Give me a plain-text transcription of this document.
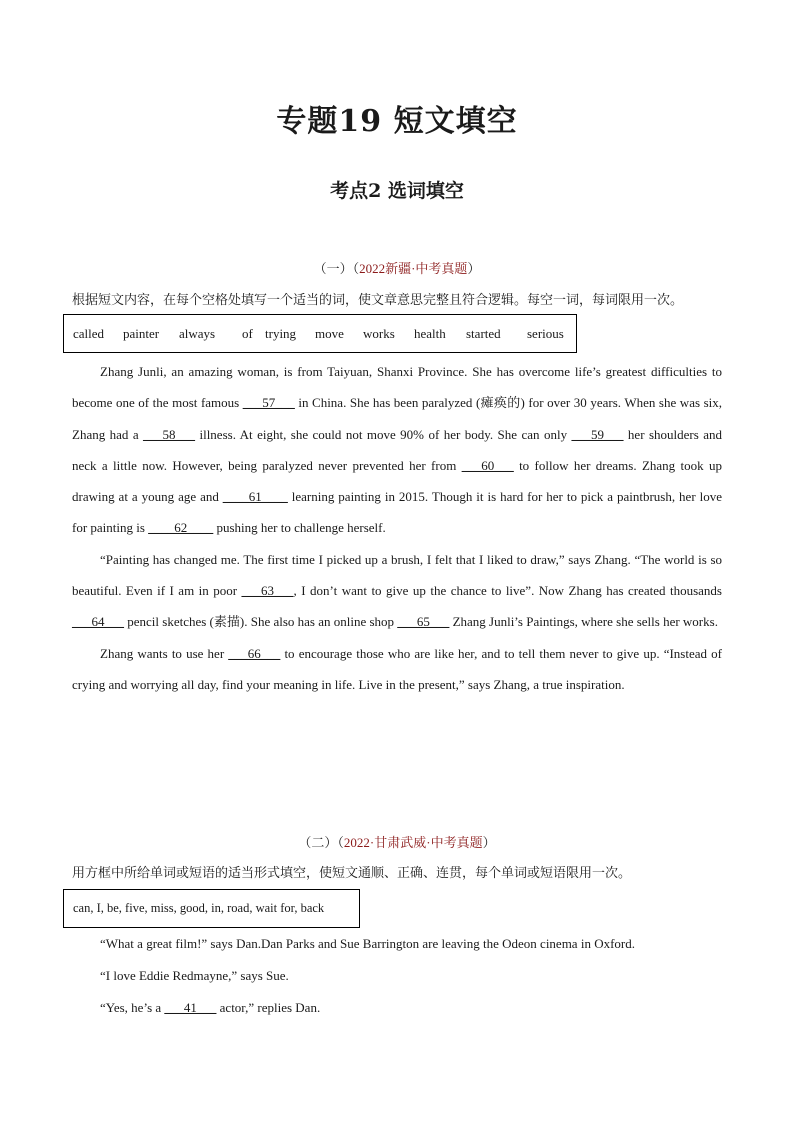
专题19 短文填空
考点2 选词填空
（一）（2022新疆·中考真题）
根据短文内容，在每个空格处填写一个适当的词，使文章意思完整且符合逻辑。每空一词，每词限用一次。
called	painter	always	of trying	move	works	health	started	serious

Zhang Junli, an amazing woman, is from Taiyuan, Shanxi Province. She has overcome life’s greatest difficulties to become one of the most famous ___57___ in China. She has been paralyzed (瘫痪的) for over 30 years. When she was six, Zhang had a ___58___ illness. At eight, she could not move 90% of her body. She can only ___59___ her shoulders and neck a little now. However, being paralyzed never prevented her from ___60___ to follow her dreams. Zhang took up drawing at a young age and ____61____ learning painting in 2015. Though it is hard for her to pick a paintbrush, her love for painting is ____62____ pushing her to challenge herself.

“Painting has changed me. The first time I picked up a brush, I felt that I liked to draw,” says Zhang. “The world is so beautiful. Even if I am in poor ___63___, I don’t want to give up the chance to live”. Now Zhang has created thousands ___64___ pencil sketches (素描). She also has an online shop ___65___ Zhang Junli’s Paintings, where she sells her works.

Zhang wants to use her ___66___ to encourage those who are like her, and to tell them never to give up. “Instead of crying and worrying all day, find your meaning in life. Live in the present,” says Zhang, a true inspiration.

（二）（2022·甘肃武威·中考真题）
用方框中所给单词或短语的适当形式填空，使短文通顺、正确、连贯，每个单词或短语限用一次。
can, I, be, five, miss, good, in, road, wait for, back
“What a great film!” says Dan.Dan Parks and Sue Barrington are leaving the Odeon cinema in Oxford.
“I love Eddie Redmayne,” says Sue.
“Yes, he’s a ___41___ actor,” replies Dan.
